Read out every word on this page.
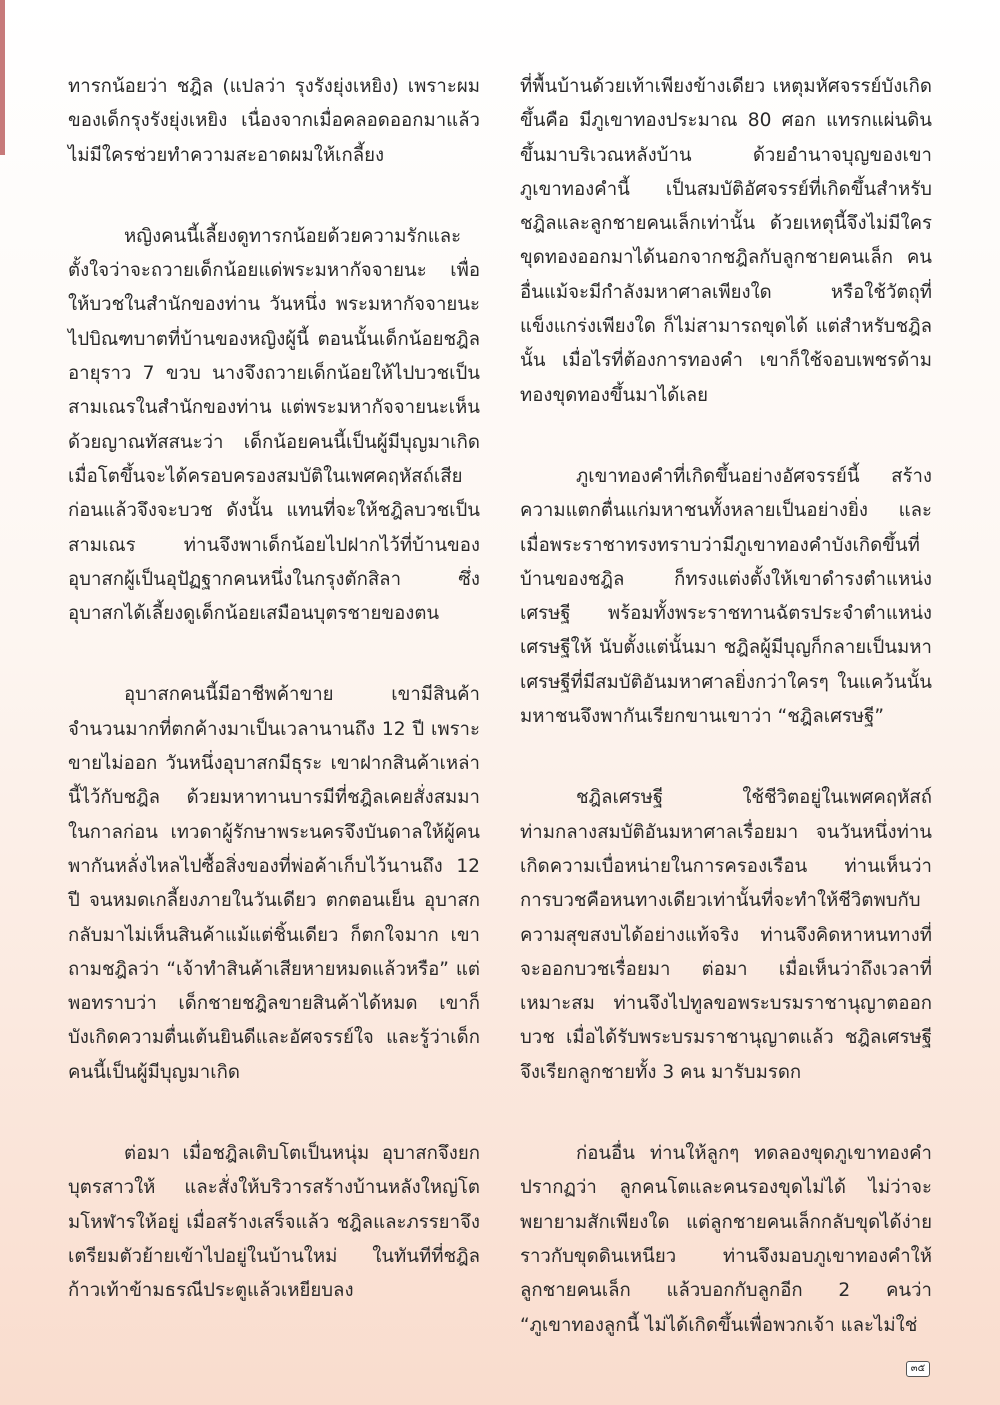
ทารกน้อยว่า ชฎิล (แปลว่า รุงรังยุ่งเหยิง) เพราะผมของเด็กรุงรังยุ่งเหยิง เนื่องจากเมื่อคลอดออกมาแล้วไม่มีใครช่วยทำความสะอาดผมให้เกลี้ยง

หญิงคนนี้เลี้ยงดูทารกน้อยด้วยความรักและตั้งใจว่าจะถวายเด็กน้อยแด่พระมหากัจจายนะ เพื่อให้บวชในสำนักของท่าน วันหนึ่ง พระมหากัจจายนะไปบิณฑบาตที่บ้านของหญิงผู้นี้ ตอนนั้นเด็กน้อยชฎิลอายุราว 7 ขวบ นางจึงถวายเด็กน้อยให้ไปบวชเป็นสามเณรในสำนักของท่าน แต่พระมหากัจจายนะเห็นด้วยญาณทัสสนะว่า เด็กน้อยคนนี้เป็นผู้มีบุญมาเกิด เมื่อโตขึ้นจะได้ครอบครองสมบัติในเพศคฤหัสถ์เสียก่อนแล้วจึงจะบวช ดังนั้น แทนที่จะให้ชฎิลบวชเป็นสามเณร ท่านจึงพาเด็กน้อยไปฝากไว้ที่บ้านของอุบาสกผู้เป็นอุปัฏฐากคนหนึ่งในกรุงตักสิลา ซึ่งอุบาสกได้เลี้ยงดูเด็กน้อยเสมือนบุตรชายของตน

อุบาสกคนนี้มีอาชีพค้าขาย เขามีสินค้าจำนวนมากที่ตกค้างมาเป็นเวลานานถึง 12 ปี เพราะขายไม่ออก วันหนึ่งอุบาสกมีธุระ เขาฝากสินค้าเหล่านี้ไว้กับชฎิล ด้วยมหาทานบารมีที่ชฎิลเคยสั่งสมมาในกาลก่อน เทวดาผู้รักษาพระนครจึงบันดาลให้ผู้คนพากันหลั่งไหลไปซื้อสิ่งของที่พ่อค้าเก็บไว้นานถึง 12 ปี จนหมดเกลี้ยงภายในวันเดียว ตกตอนเย็น อุบาสกกลับมาไม่เห็นสินค้าแม้แต่ชิ้นเดียว ก็ตกใจมาก เขาถามชฎิลว่า “เจ้าทำสินค้าเสียหายหมดแล้วหรือ” แต่พอทราบว่า เด็กชายชฎิลขายสินค้าได้หมด เขาก็บังเกิดความตื่นเต้นยินดีและอัศจรรย์ใจ และรู้ว่าเด็กคนนี้เป็นผู้มีบุญมาเกิด

ต่อมา เมื่อชฎิลเติบโตเป็นหนุ่ม อุบาสกจึงยกบุตรสาวให้ และสั่งให้บริวารสร้างบ้านหลังใหญ่โตมโหฬารให้อยู่ เมื่อสร้างเสร็จแล้ว ชฎิลและภรรยาจึงเตรียมตัวย้ายเข้าไปอยู่ในบ้านใหม่ ในทันทีที่ชฎิลก้าวเท้าข้ามธรณีประตูแล้วเหยียบลง

ที่พื้นบ้านด้วยเท้าเพียงข้างเดียว เหตุมหัศจรรย์บังเกิดขึ้นคือ มีภูเขาทองประมาณ 80 ศอก แทรกแผ่นดินขึ้นมาบริเวณหลังบ้าน ด้วยอำนาจบุญของเขา ภูเขาทองคำนี้ เป็นสมบัติอัศจรรย์ที่เกิดขึ้นสำหรับชฎิลและลูกชายคนเล็กเท่านั้น ด้วยเหตุนี้จึงไม่มีใครขุดทองออกมาได้นอกจากชฎิลกับลูกชายคนเล็ก คนอื่นแม้จะมีกำลังมหาศาลเพียงใด หรือใช้วัตถุที่แข็งแกร่งเพียงใด ก็ไม่สามารถขุดได้ แต่สำหรับชฎิลนั้น เมื่อไรที่ต้องการทองคำ เขาก็ใช้จอบเพชรด้ามทองขุดทองขึ้นมาได้เลย

ภูเขาทองคำที่เกิดขึ้นอย่างอัศจรรย์นี้ สร้างความแตกตื่นแก่มหาชนทั้งหลายเป็นอย่างยิ่ง และเมื่อพระราชาทรงทราบว่ามีภูเขาทองคำบังเกิดขึ้นที่บ้านของชฎิล ก็ทรงแต่งตั้งให้เขาดำรงตำแหน่งเศรษฐี พร้อมทั้งพระราชทานฉัตรประจำตำแหน่งเศรษฐีให้ นับตั้งแต่นั้นมา ชฎิลผู้มีบุญก็กลายเป็นมหาเศรษฐีที่มีสมบัติอันมหาศาลยิ่งกว่าใครๆ ในแคว้นนั้น มหาชนจึงพากันเรียกขานเขาว่า “ชฎิลเศรษฐี”

ชฎิลเศรษฐี ใช้ชีวิตอยู่ในเพศคฤหัสถ์ท่ามกลางสมบัติอันมหาศาลเรื่อยมา จนวันหนึ่งท่านเกิดความเบื่อหน่ายในการครองเรือน ท่านเห็นว่า การบวชคือหนทางเดียวเท่านั้นที่จะทำให้ชีวิตพบกับความสุขสงบได้อย่างแท้จริง ท่านจึงคิดหาหนทางที่จะออกบวชเรื่อยมา ต่อมา เมื่อเห็นว่าถึงเวลาที่เหมาะสม ท่านจึงไปทูลขอพระบรมราชานุญาตออกบวช เมื่อได้รับพระบรมราชานุญาตแล้ว ชฎิลเศรษฐีจึงเรียกลูกชายทั้ง 3 คน มารับมรดก

ก่อนอื่น ท่านให้ลูกๆ ทดลองขุดภูเขาทองคำ ปรากฏว่า ลูกคนโตและคนรองขุดไม่ได้ ไม่ว่าจะพยายามสักเพียงใด แต่ลูกชายคนเล็กกลับขุดได้ง่ายราวกับขุดดินเหนียว ท่านจึงมอบภูเขาทองคำให้ลูกชายคนเล็ก แล้วบอกกับลูกอีก 2 คนว่า “ภูเขาทองลูกนี้ ไม่ได้เกิดขึ้นเพื่อพวกเจ้า และไม่ใช่

๓๕
